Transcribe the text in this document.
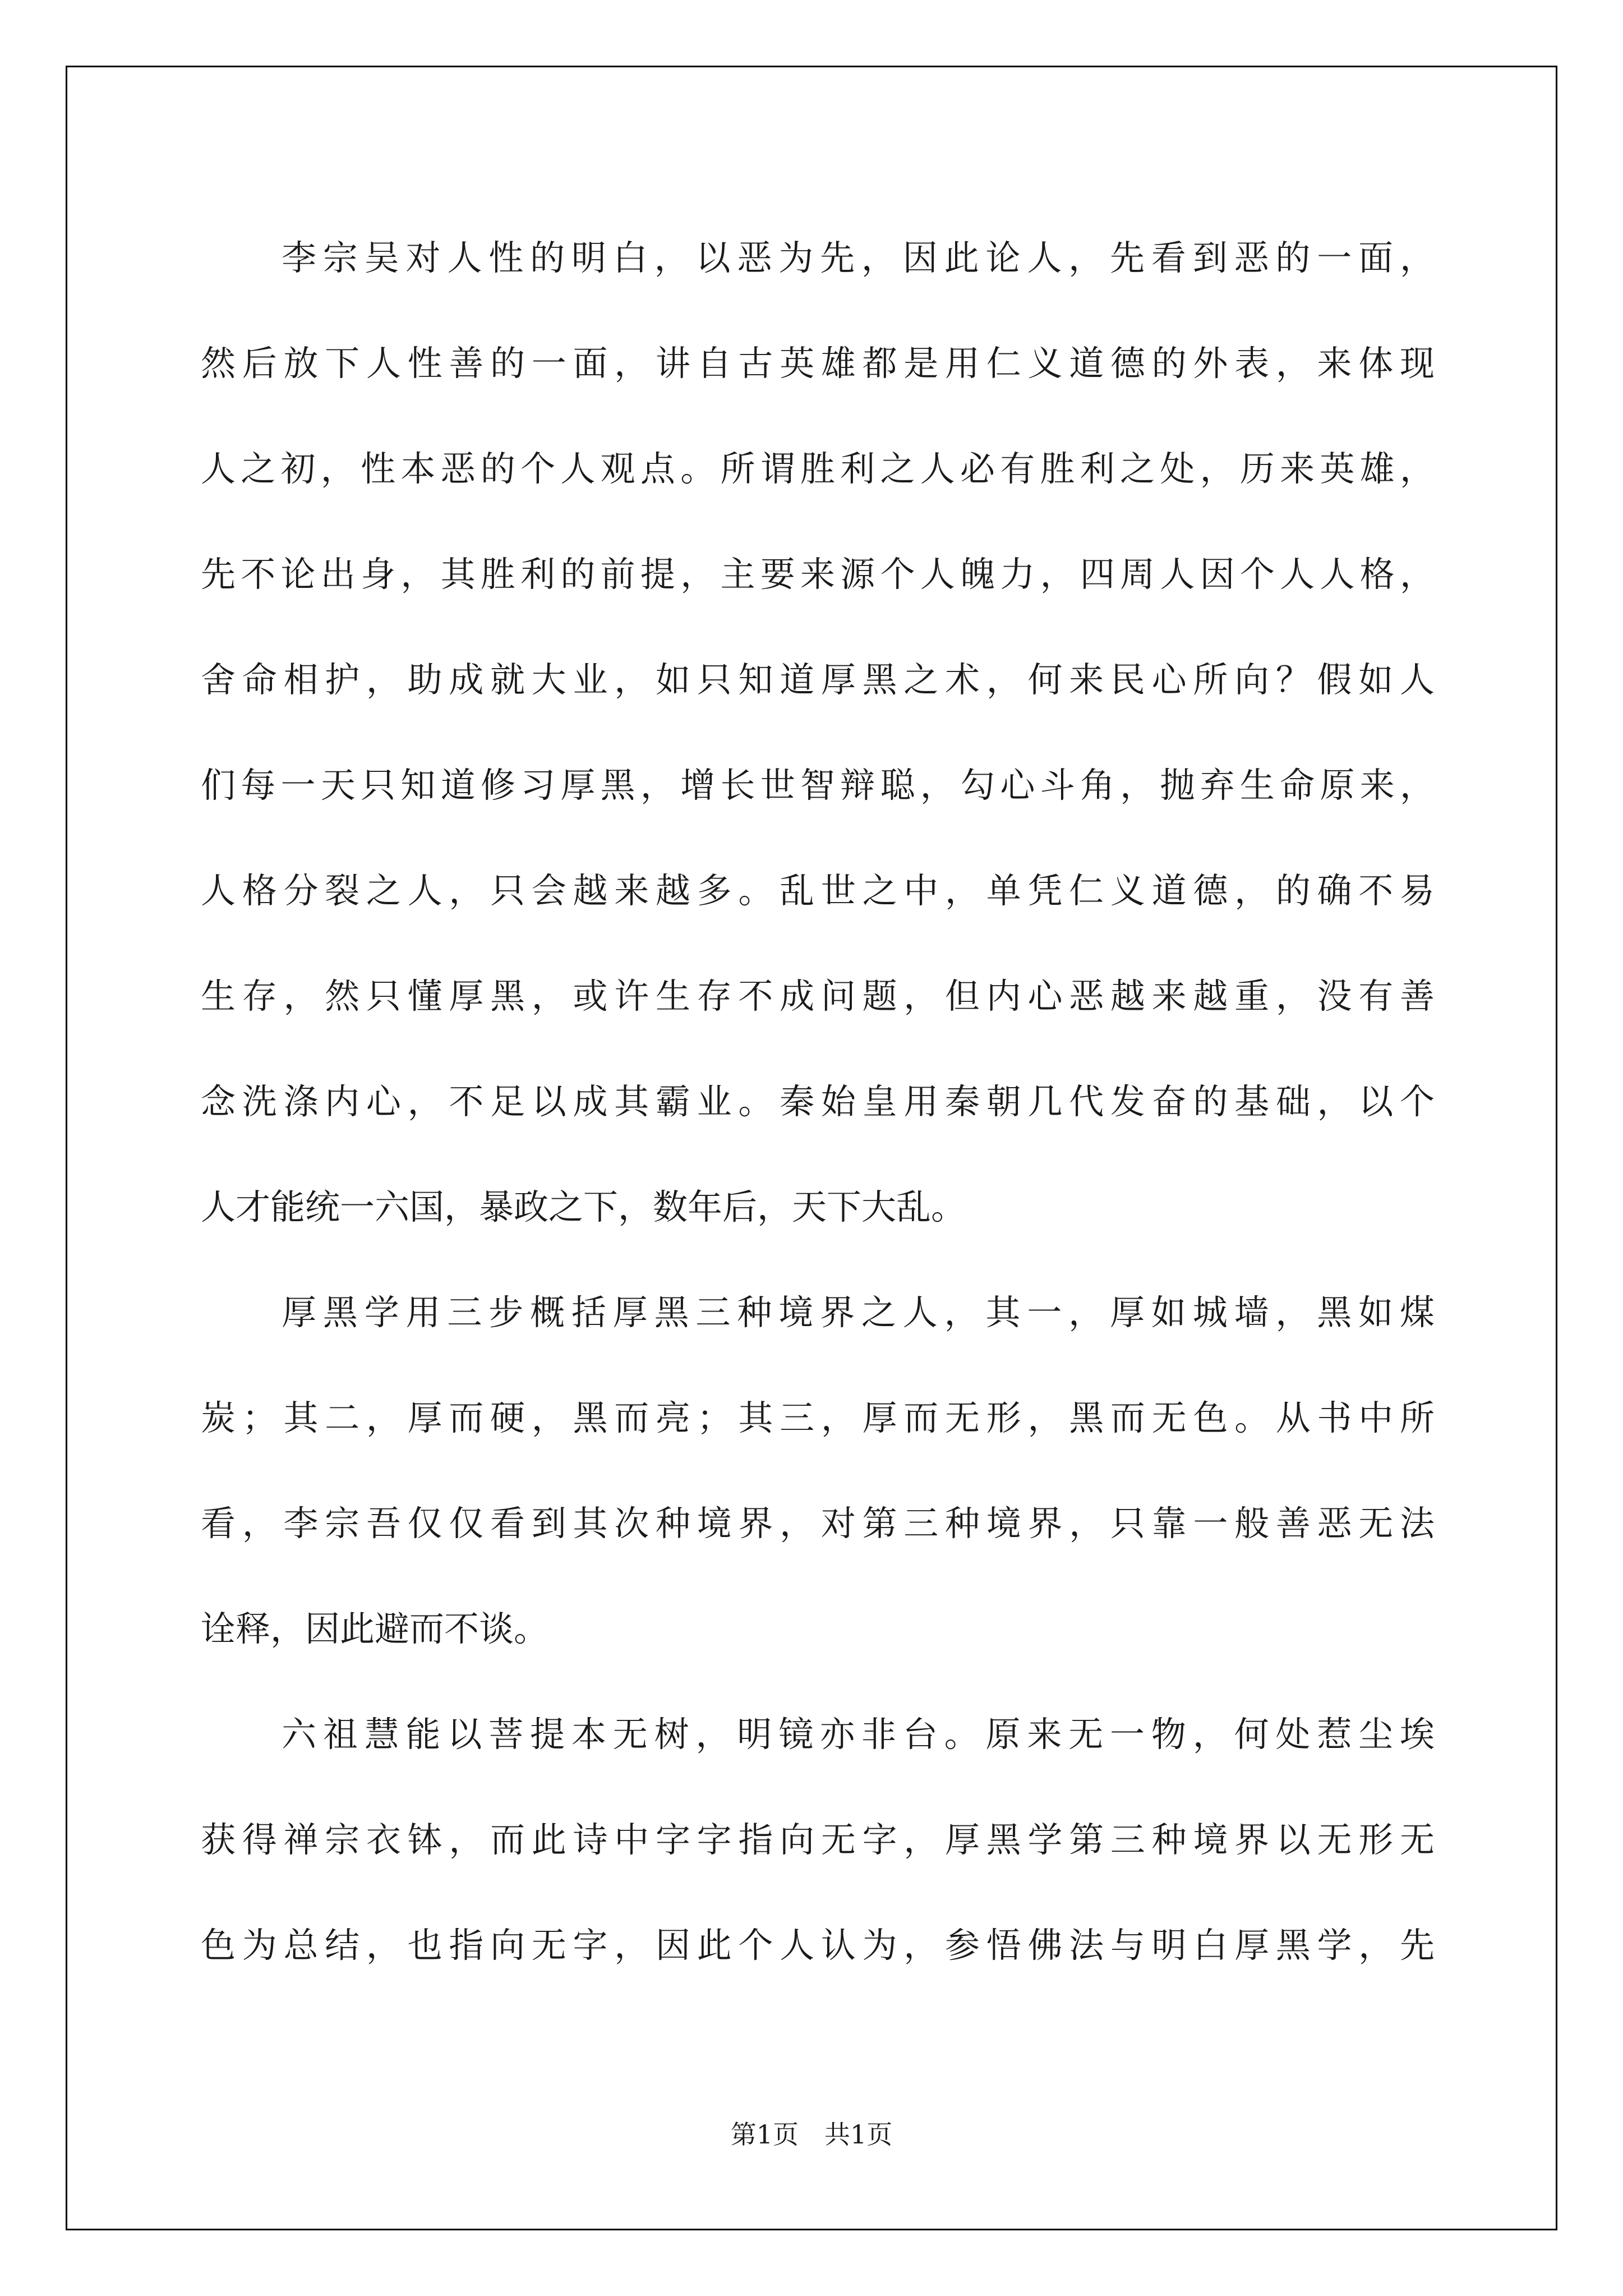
李宗吴对人性的明白，以恶为先，因此论人，先看到恶的一面，
然后放下人性善的一面，讲自古英雄都是用仁义道德的外表，来体现
人之初，性本恶的个人观点。所谓胜利之人必有胜利之处，历来英雄，
先不论出身，其胜利的前提，主要来源个人魄力，四周人因个人人格，
舍命相护，助成就大业，如只知道厚黑之术，何来民心所向？假如人
们每一天只知道修习厚黑，增长世智辩聪，勾心斗角，抛弃生命原来，
人格分裂之人，只会越来越多。乱世之中，单凭仁义道德，的确不易
生存，然只懂厚黑，或许生存不成问题，但内心恶越来越重，没有善
念洗涤内心，不足以成其霸业。秦始皇用秦朝几代发奋的基础，以个
人才能统一六国，暴政之下，数年后，天下大乱。
厚黑学用三步概括厚黑三种境界之人，其一，厚如城墙，黑如煤
炭；其二，厚而硬，黑而亮；其三，厚而无形，黑而无色。从书中所
看，李宗吾仅仅看到其次种境界，对第三种境界，只靠一般善恶无法
诠释，因此避而不谈。
六祖慧能以菩提本无树，明镜亦非台。原来无一物，何处惹尘埃
获得禅宗衣钵，而此诗中字字指向无字，厚黑学第三种境界以无形无
色为总结，也指向无字，因此个人认为，参悟佛法与明白厚黑学，先
第1页　共1页
